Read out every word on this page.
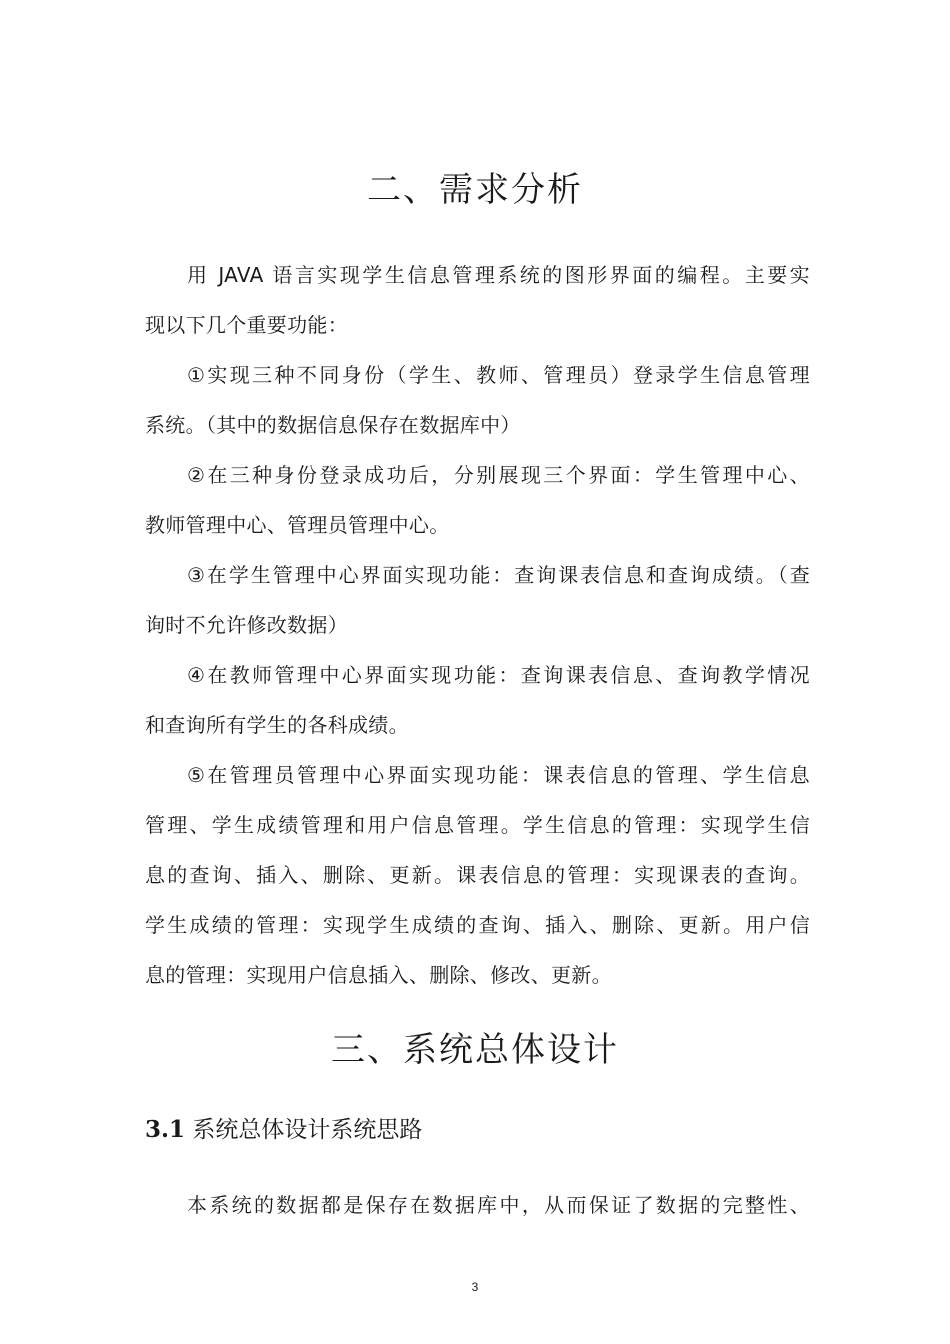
二、需求分析
用 JAVA 语言实现学生信息管理系统的图形界面的编程。主要实
现以下几个重要功能：
①实现三种不同身份（学生、教师、管理员）登录学生信息管理
系统。（其中的数据信息保存在数据库中）
②在三种身份登录成功后，分别展现三个界面：学生管理中心、
教师管理中心、管理员管理中心。
③在学生管理中心界面实现功能：查询课表信息和查询成绩。（查
询时不允许修改数据）
④在教师管理中心界面实现功能：查询课表信息、查询教学情况
和查询所有学生的各科成绩。
⑤在管理员管理中心界面实现功能：课表信息的管理、学生信息
管理、学生成绩管理和用户信息管理。学生信息的管理：实现学生信
息的查询、插入、删除、更新。课表信息的管理：实现课表的查询。
学生成绩的管理：实现学生成绩的查询、插入、删除、更新。用户信
息的管理：实现用户信息插入、删除、修改、更新。
三、系统总体设计
3.1 系统总体设计系统思路
本系统的数据都是保存在数据库中，从而保证了数据的完整性、
3
